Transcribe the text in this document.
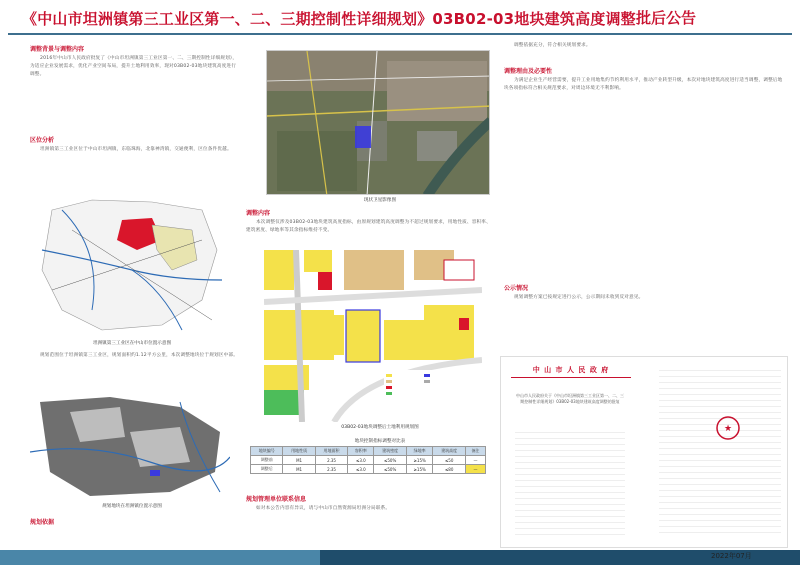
《中山市坦洲镇第三工业区第一、二、三期控制性详细规划》03B02-03地块建筑高度调整 批后公告
调整背景与调整内容
2016年中山市人民政府批复了《中山市坦洲镇第三工业区第一、二、三期控制性详细规划》，为适应企业发展需求，优化产业空间布局，提升土地利用效率，现对03B02-03地块建筑高度进行调整。
区位分析
坦洲镇第三工业区位于中山市坦洲镇，东临珠海，北靠神湾镇，交通便利，区位条件优越。
坦洲镇第三工业区在中山市位置示意图
规划范围位于坦洲镇第三工业区，规划面积约1.12平方公里，本次调整地块位于规划区中部。
规划地块在坦洲镇位置示意图
规划依据
现状卫星影像图
调整内容
本次调整仅涉及03B02-03地块建筑高度指标，由原规划建筑高度调整为不超过规划要求，用地性质、容积率、建筑密度、绿地率等其余指标维持不变。
03B02-03地块调整后土地利用规划图
地块控制指标调整对比表
地块编号	用地性质	用地面积	容积率	建筑密度	绿地率	建筑高度	备注
调整前	M1	2.35	≤3.0	≤50%	≥15%	≤50	—
调整后	M1	2.35	≤3.0	≤50%	≥15%	≤80	—
规划管理单位联系信息
如对本公告内容有异议，请与中山市自然资源局坦洲分局联系。
调整依据充分，符合相关规划要求。
调整理由及必要性
为满足企业生产经营需要，提升工业用地集约节约利用水平，推动产业转型升级，本次对地块建筑高度进行适当调整，调整后地块各项指标符合相关规范要求，对周边环境无不利影响。
公示情况
规划调整方案已按规定进行公示，公示期间未收到反对意见。
中 山 市 人 民 政 府
中山市人民政府关于《中山市坦洲镇第三工业区第一、二、三期控制性详细规划》03B02-03地块建筑高度调整的批复
★
2022年07月
